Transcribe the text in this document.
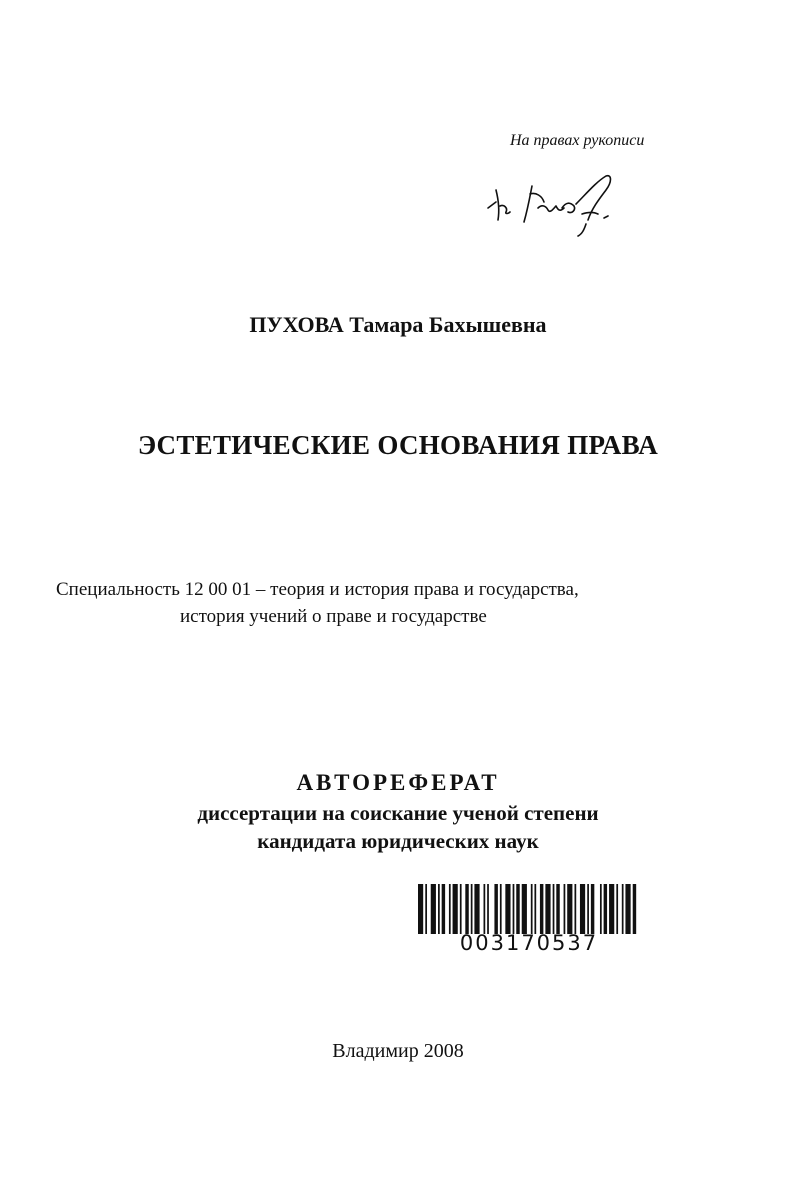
На правах рукописи
ПУХОВА Тамара Бахышевна
ЭСТЕТИЧЕСКИЕ ОСНОВАНИЯ ПРАВА
Специальность 12 00 01 – теория и история права и государства,
история учений о праве и государстве
АВТОРЕФЕРАТ
диссертации на соискание ученой степени
кандидата юридических наук
003170537
Владимир 2008
